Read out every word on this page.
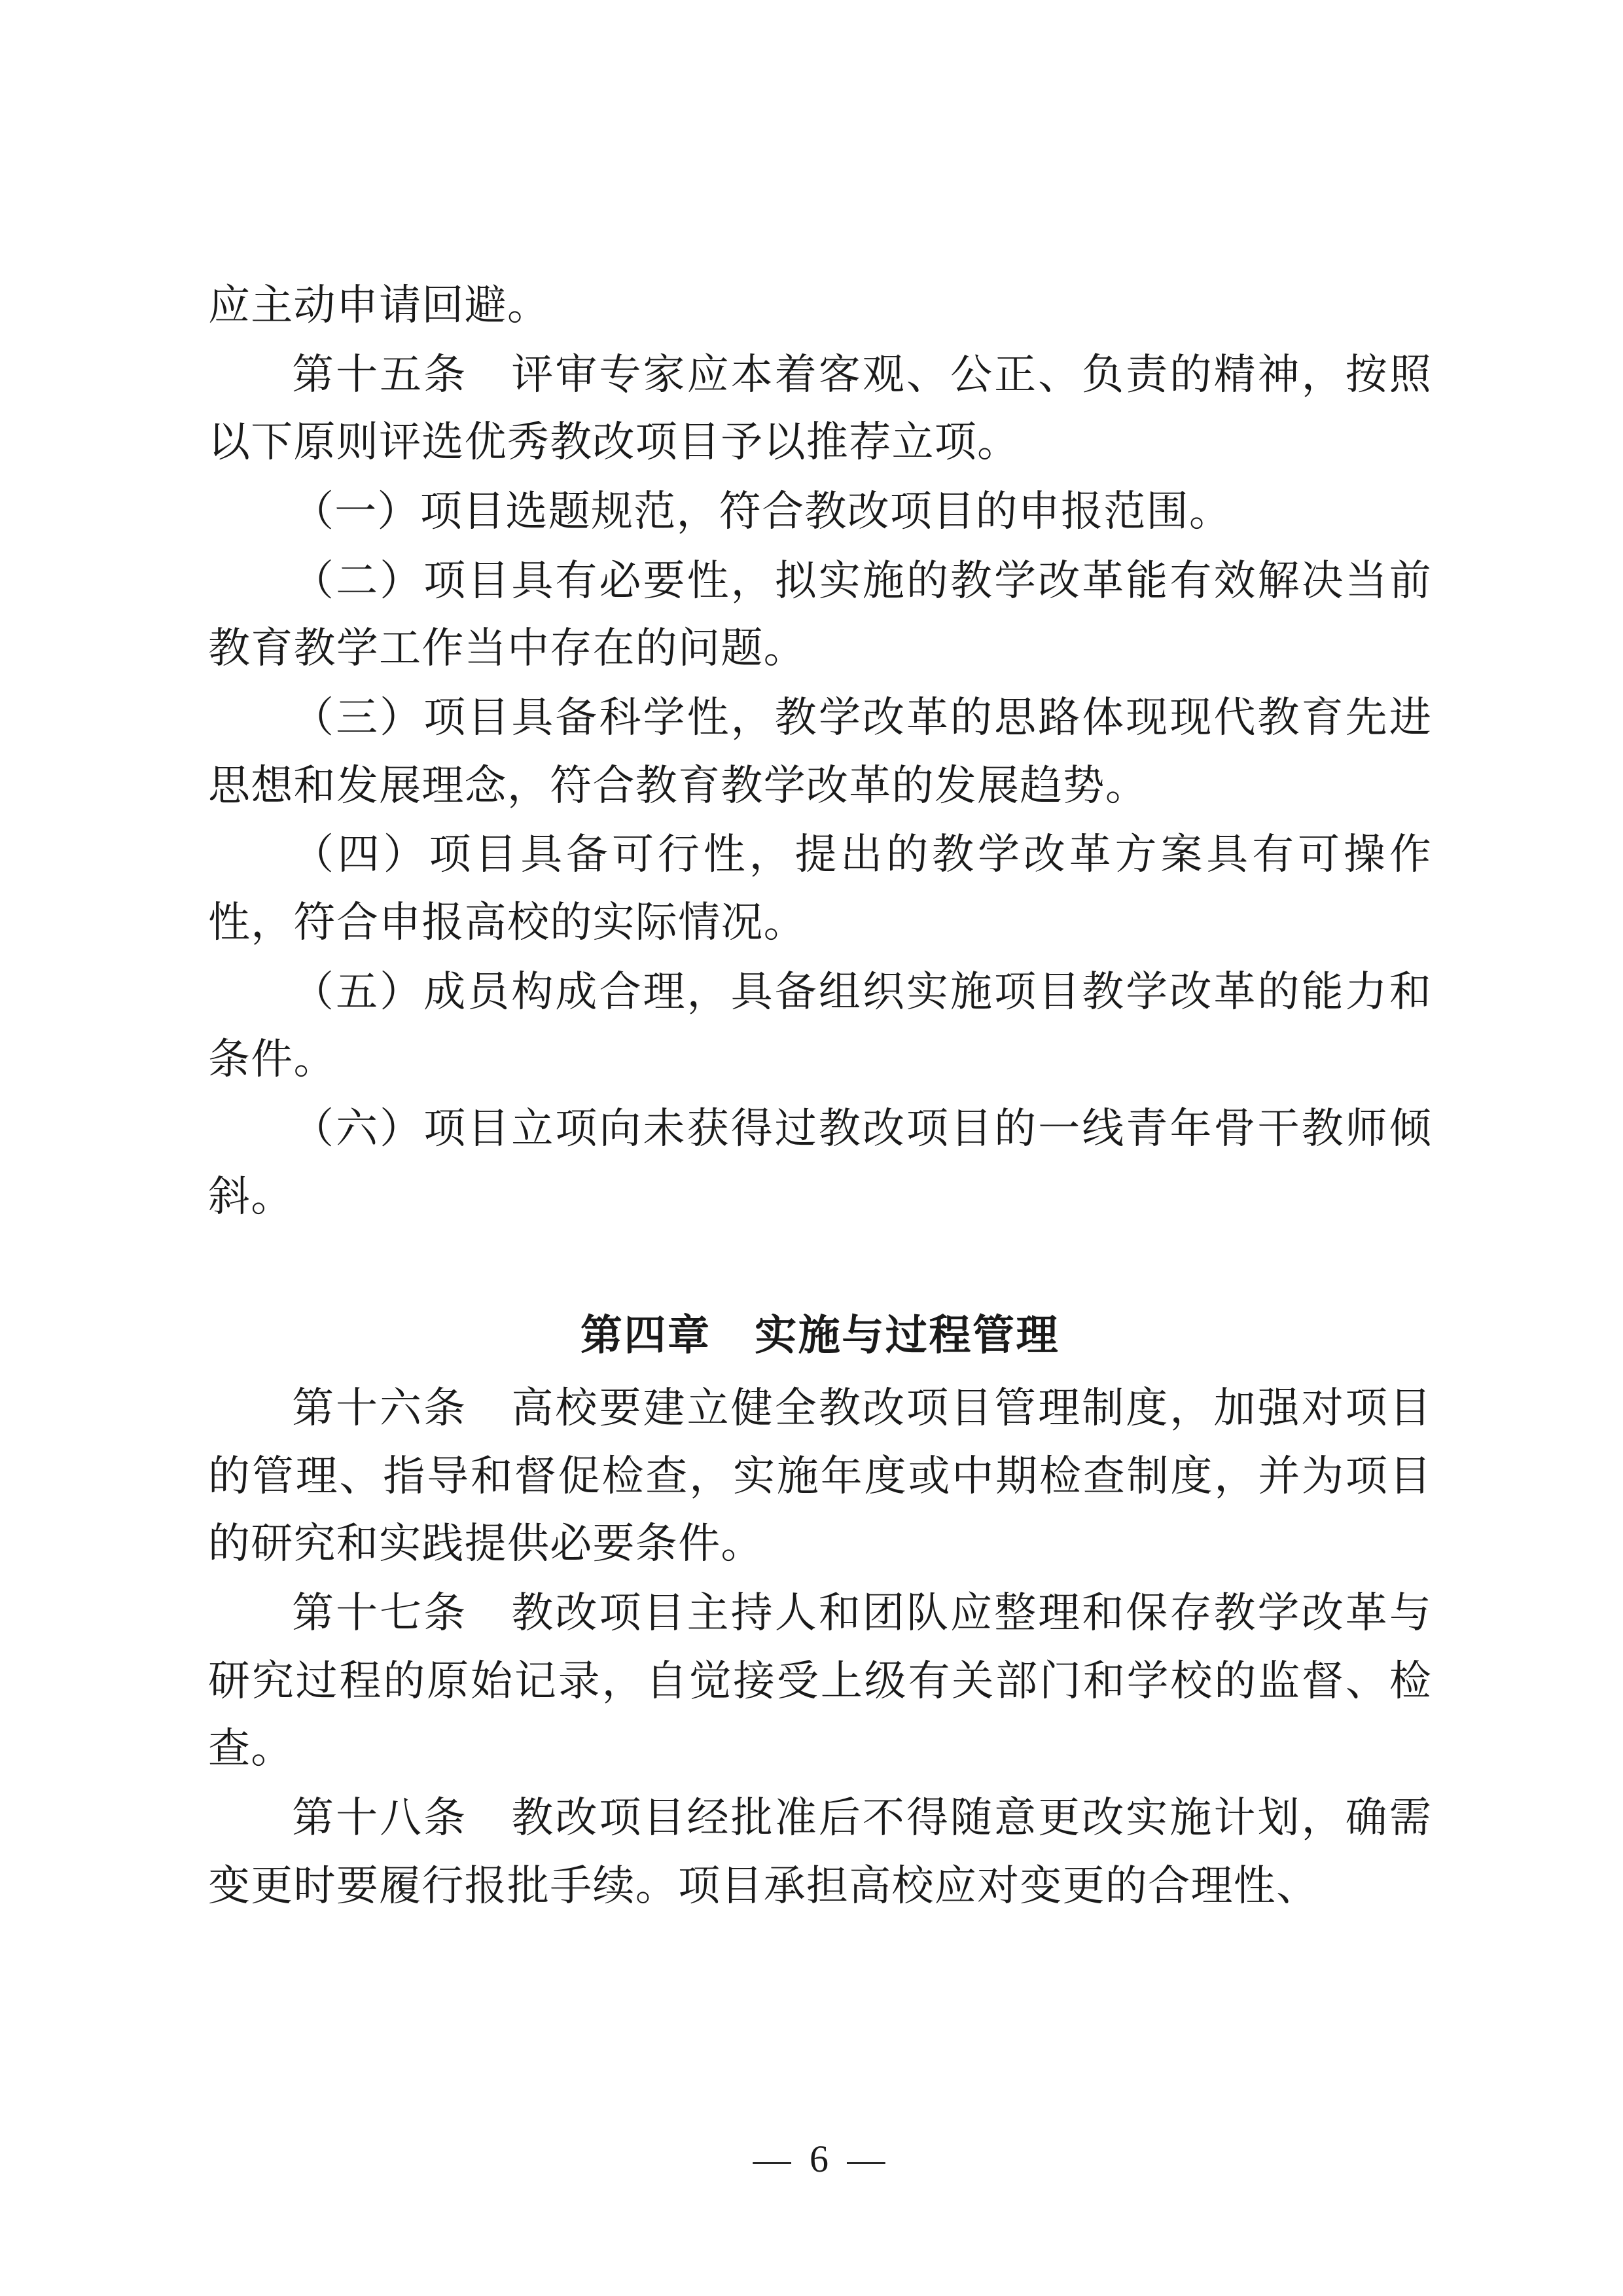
应主动申请回避。

第十五条　评审专家应本着客观、公正、负责的精神，按照以下原则评选优秀教改项目予以推荐立项。

（一）项目选题规范，符合教改项目的申报范围。

（二）项目具有必要性，拟实施的教学改革能有效解决当前教育教学工作当中存在的问题。

（三）项目具备科学性，教学改革的思路体现现代教育先进思想和发展理念，符合教育教学改革的发展趋势。

（四）项目具备可行性，提出的教学改革方案具有可操作性，符合申报高校的实际情况。

（五）成员构成合理，具备组织实施项目教学改革的能力和条件。

（六）项目立项向未获得过教改项目的一线青年骨干教师倾斜。

第四章　实施与过程管理

第十六条　高校要建立健全教改项目管理制度，加强对项目的管理、指导和督促检查，实施年度或中期检查制度，并为项目的研究和实践提供必要条件。

第十七条　教改项目主持人和团队应整理和保存教学改革与研究过程的原始记录，自觉接受上级有关部门和学校的监督、检查。

第十八条　教改项目经批准后不得随意更改实施计划，确需变更时要履行报批手续。项目承担高校应对变更的合理性、

— 6 —
